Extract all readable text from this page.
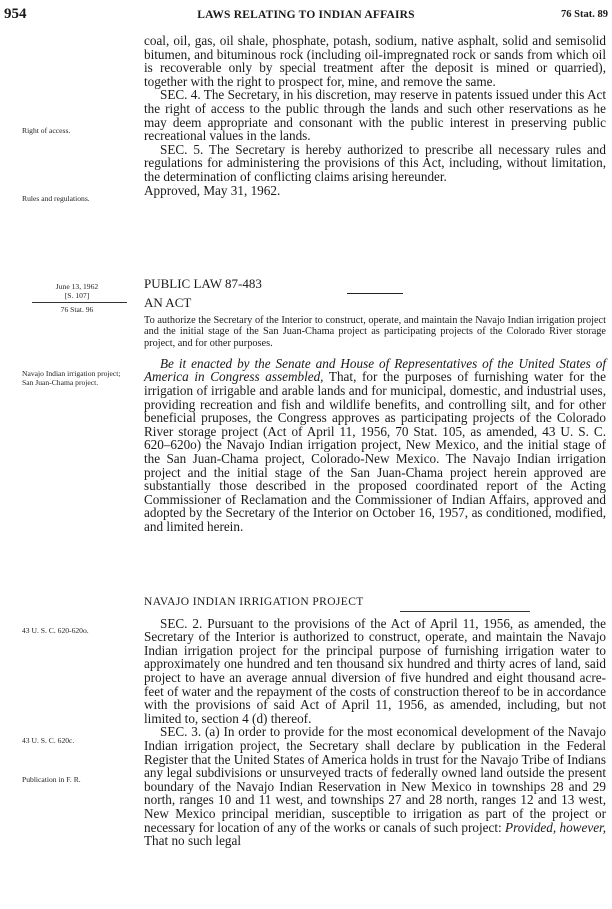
954	LAWS RELATING TO INDIAN AFFAIRS	76 Stat. 89
Right of access.
Rules and regulations.
June 13, 1962
[S. 107]
76 Stat. 96
Navajo Indian irrigation project; San Juan-Chama project.
43 U. S. C. 620-620o.
43 U. S. C. 620c.
Publication in F. R.

coal, oil, gas, oil shale, phosphate, potash, sodium, native asphalt, solid and semisolid bitumen, and bituminous rock (including oil-impregnated rock or sands from which oil is recoverable only by special treatment after the deposit is mined or quarried), together with the right to prospect for, mine, and remove the same.

SEC. 4. The Secretary, in his discretion, may reserve in patents issued under this Act the right of access to the public through the lands and such other reservations as he may deem appropriate and consonant with the public interest in preserving public recreational values in the lands.

SEC. 5. The Secretary is hereby authorized to prescribe all necessary rules and regulations for administering the provisions of this Act, including, without limitation, the determination of conflicting claims arising hereunder.

Approved, May 31, 1962.

PUBLIC LAW 87-483

AN ACT

To authorize the Secretary of the Interior to construct, operate, and maintain the Navajo Indian irrigation project and the initial stage of the San Juan-Chama project as participating projects of the Colorado River storage project, and for other purposes.

Be it enacted by the Senate and House of Representatives of the United States of America in Congress assembled, That, for the purposes of furnishing water for the irrigation of irrigable and arable lands and for municipal, domestic, and industrial uses, providing recreation and fish and wildlife benefits, and controlling silt, and for other beneficial pruposes, the Congress approves as participating projects of the Colorado River storage project (Act of April 11, 1956, 70 Stat. 105, as amended, 43 U. S. C. 620–620o) the Navajo Indian irrigation project, New Mexico, and the initial stage of the San Juan-Chama project, Colorado-New Mexico. The Navajo Indian irrigation project and the initial stage of the San Juan-Chama project herein approved are substantially those described in the proposed coordinated report of the Acting Commissioner of Reclamation and the Commissioner of Indian Affairs, approved and adopted by the Secretary of the Interior on October 16, 1957, as conditioned, modified, and limited herein.

NAVAJO INDIAN IRRIGATION PROJECT

SEC. 2. Pursuant to the provisions of the Act of April 11, 1956, as amended, the Secretary of the Interior is authorized to construct, operate, and maintain the Navajo Indian irrigation project for the principal purpose of furnishing irrigation water to approximately one hundred and ten thousand six hundred and thirty acres of land, said project to have an average annual diversion of five hundred and eight thousand acre-feet of water and the repayment of the costs of construction thereof to be in accordance with the provisions of said Act of April 11, 1956, as amended, including, but not limited to, section 4 (d) thereof.

SEC. 3. (a) In order to provide for the most economical development of the Navajo Indian irrigation project, the Secretary shall declare by publication in the Federal Register that the United States of America holds in trust for the Navajo Tribe of Indians any legal subdivisions or unsurveyed tracts of federally owned land outside the present boundary of the Navajo Indian Reservation in New Mexico in townships 28 and 29 north, ranges 10 and 11 west, and townships 27 and 28 north, ranges 12 and 13 west, New Mexico principal meridian, susceptible to irrigation as part of the project or necessary for location of any of the works or canals of such project: Provided, however, That no such legal
